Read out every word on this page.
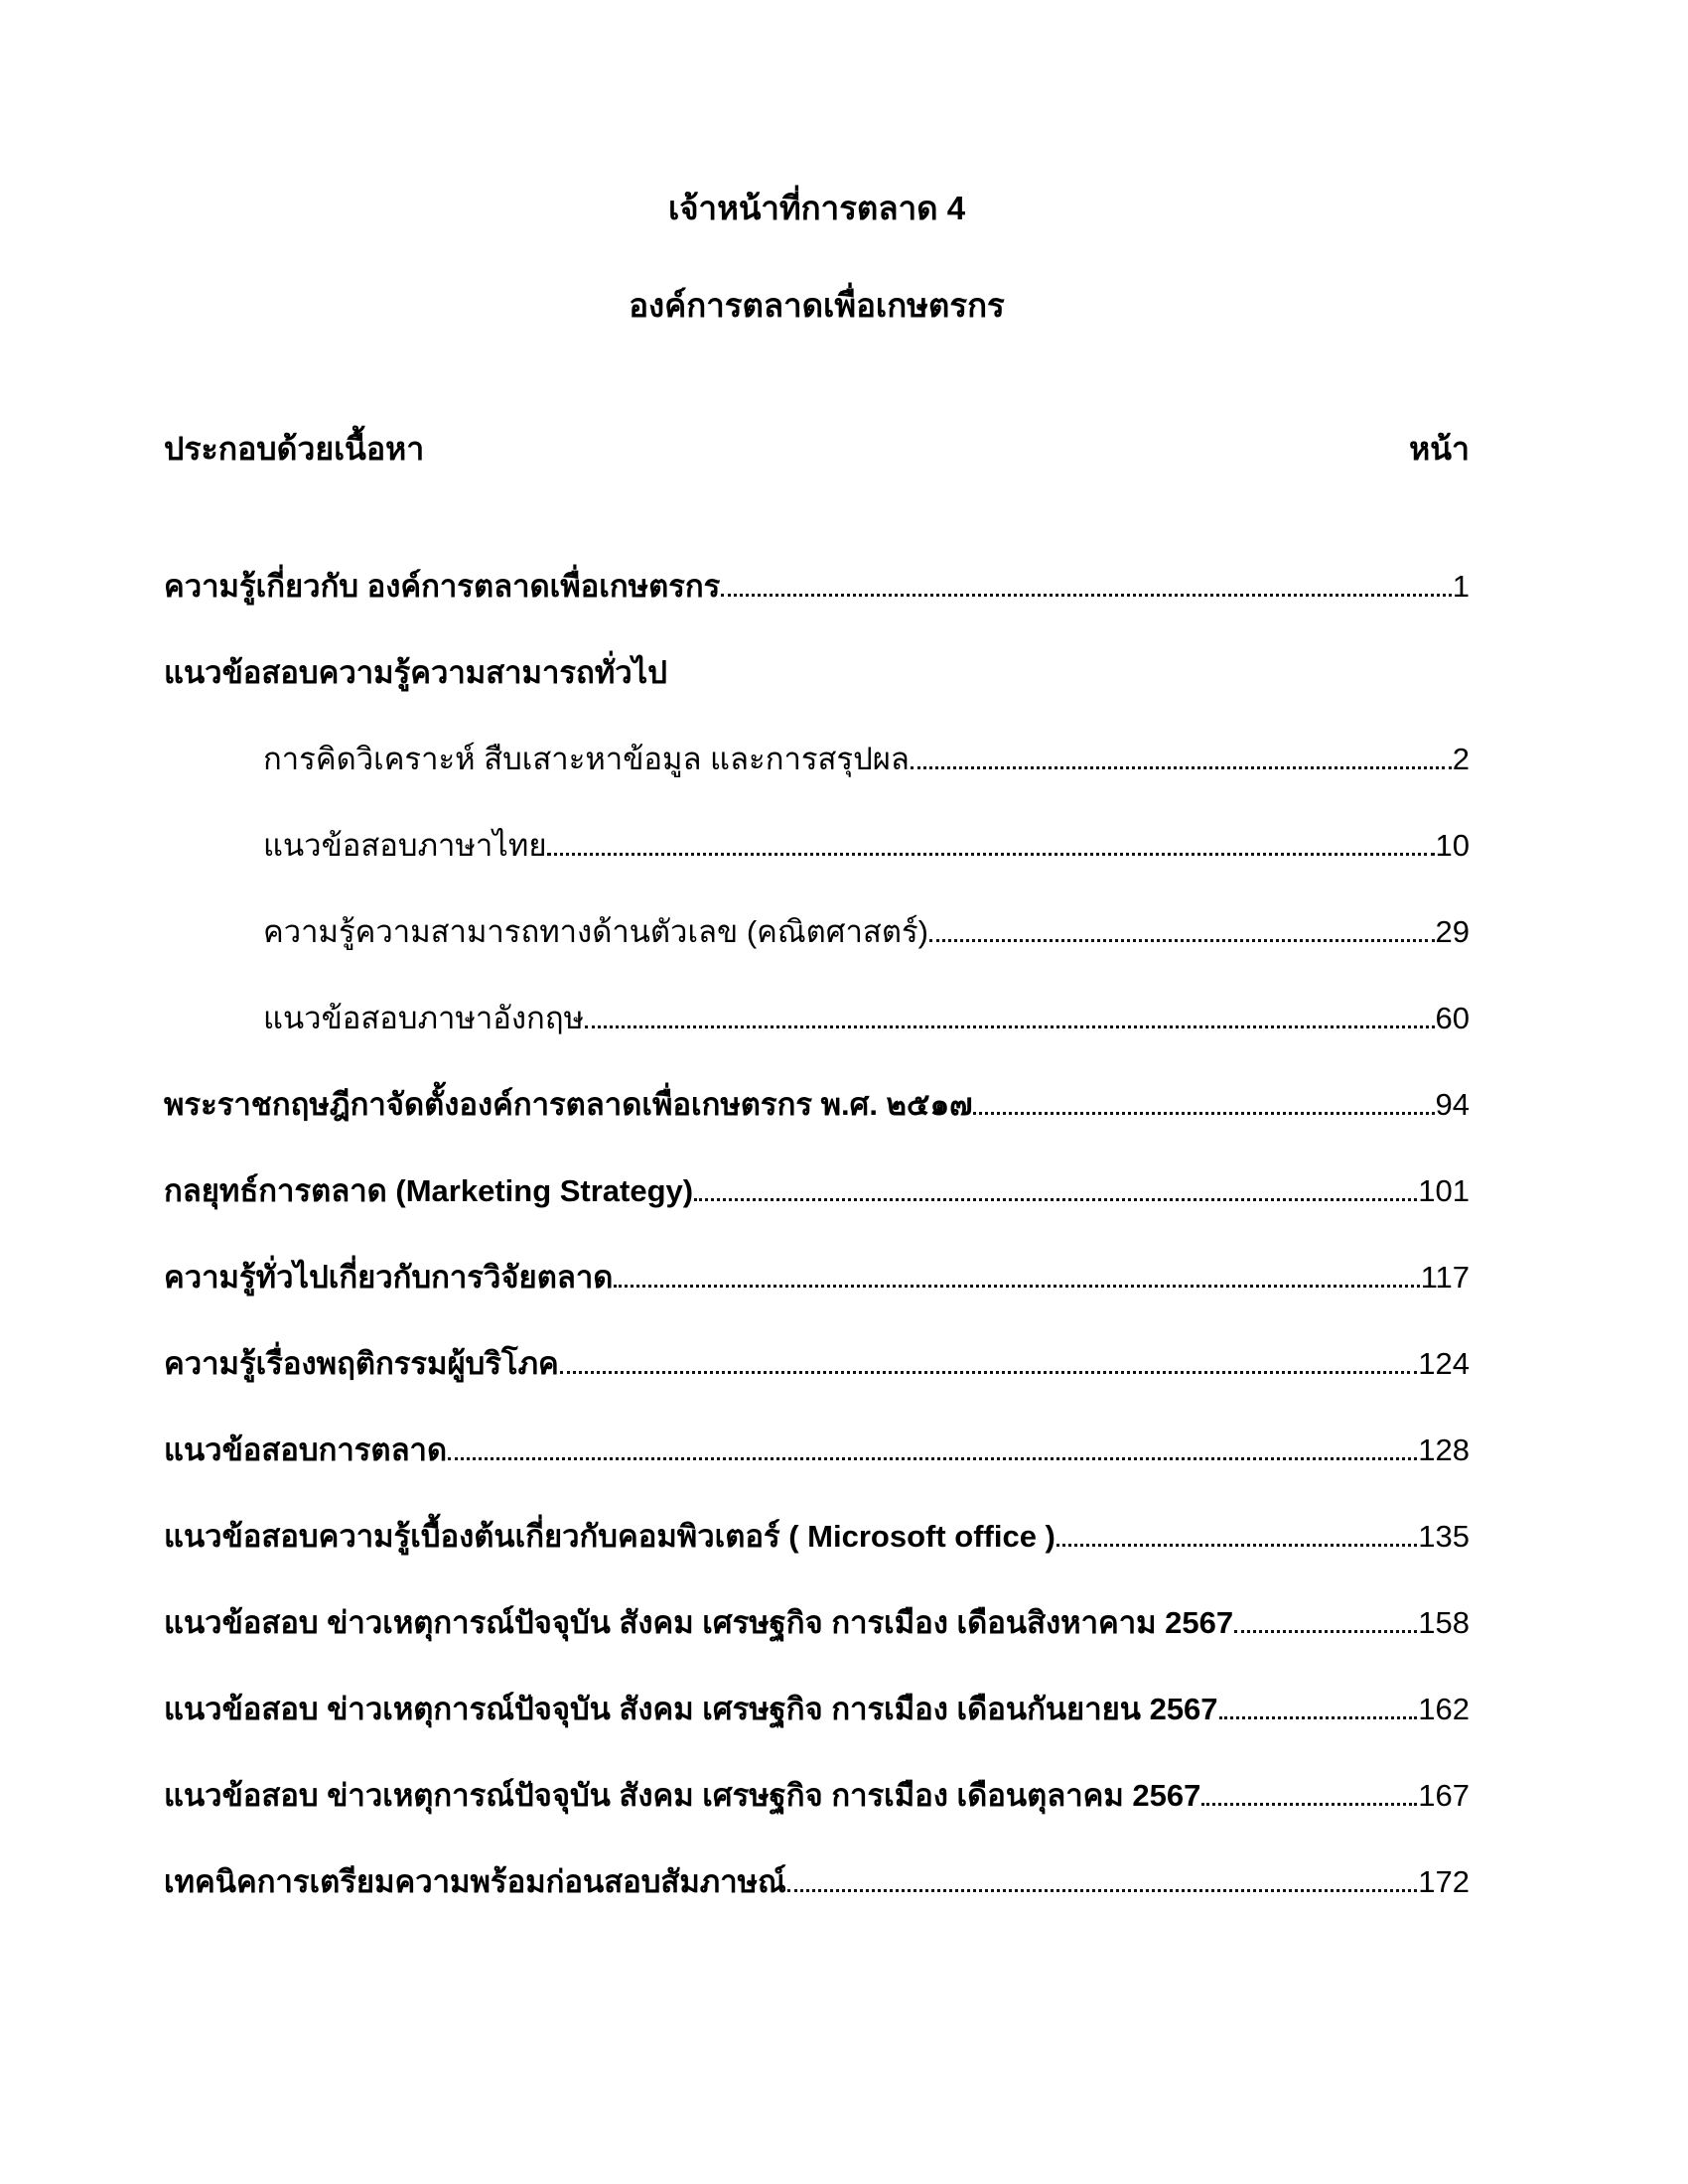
เจ้าหน้าที่การตลาด 4
องค์การตลาดเพื่อเกษตรกร
ประกอบด้วยเนื้อหา	หน้า
ความรู้เกี่ยวกับ องค์การตลาดเพื่อเกษตรกร	1
แนวข้อสอบความรู้ความสามารถทั่วไป
การคิดวิเคราะห์ สืบเสาะหาข้อมูล และการสรุปผล	2
แนวข้อสอบภาษาไทย	10
ความรู้ความสามารถทางด้านตัวเลข (คณิตศาสตร์)	29
แนวข้อสอบภาษาอังกฤษ	60
พระราชกฤษฎีกาจัดตั้งองค์การตลาดเพื่อเกษตรกร พ.ศ. ๒๕๑๗	94
กลยุทธ์การตลาด (Marketing Strategy)	101
ความรู้ทั่วไปเกี่ยวกับการวิจัยตลาด	117
ความรู้เรื่องพฤติกรรมผู้บริโภค	124
แนวข้อสอบการตลาด	128
แนวข้อสอบความรู้เบื้องต้นเกี่ยวกับคอมพิวเตอร์ ( Microsoft office )	135
แนวข้อสอบ ข่าวเหตุการณ์ปัจจุบัน สังคม เศรษฐกิจ การเมือง เดือนสิงหาคาม 2567	158
แนวข้อสอบ ข่าวเหตุการณ์ปัจจุบัน สังคม เศรษฐกิจ การเมือง เดือนกันยายน 2567	162
แนวข้อสอบ ข่าวเหตุการณ์ปัจจุบัน สังคม เศรษฐกิจ การเมือง เดือนตุลาคม 2567	167
เทคนิคการเตรียมความพร้อมก่อนสอบสัมภาษณ์	172
